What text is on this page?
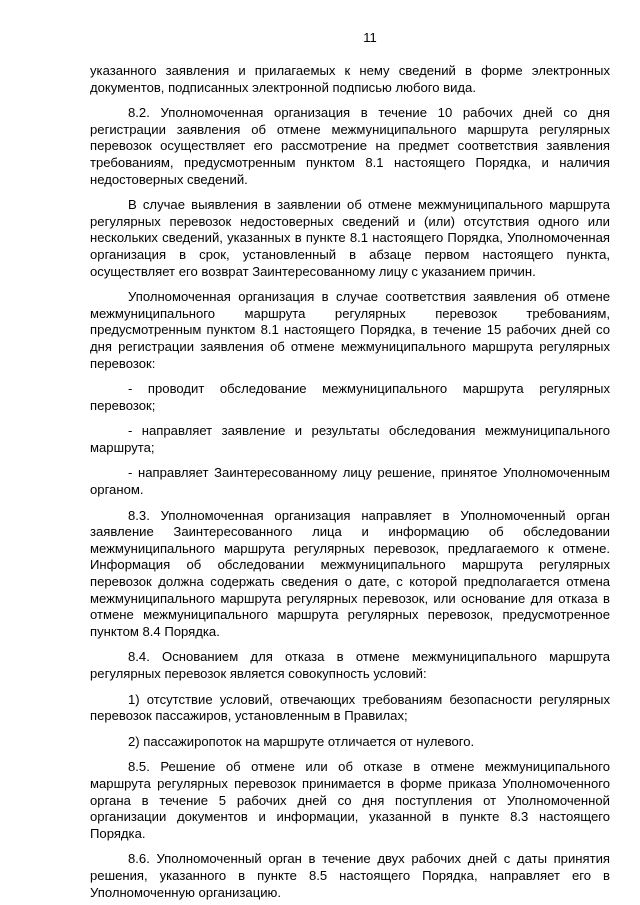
11

указанного заявления и прилагаемых к нему сведений в форме электронных документов, подписанных электронной подписью любого вида.

8.2. Уполномоченная организация в течение 10 рабочих дней со дня регистрации заявления об отмене межмуниципального маршрута регулярных перевозок осуществляет его рассмотрение на предмет соответствия заявления требованиям, предусмотренным пунктом 8.1 настоящего Порядка, и наличия недостоверных сведений.

В случае выявления в заявлении об отмене межмуниципального маршрута регулярных перевозок недостоверных сведений и (или) отсутствия одного или нескольких сведений, указанных в пункте 8.1 настоящего Порядка, Уполномоченная организация в срок, установленный в абзаце первом настоящего пункта, осуществляет его возврат Заинтересованному лицу с указанием причин.

Уполномоченная организация в случае соответствия заявления об отмене межмуниципального маршрута регулярных перевозок требованиям, предусмотренным пунктом 8.1 настоящего Порядка, в течение 15 рабочих дней со дня регистрации заявления об отмене межмуниципального маршрута регулярных перевозок:

- проводит обследование межмуниципального маршрута регулярных перевозок;

- направляет заявление и результаты обследования межмуниципального маршрута;

- направляет Заинтересованному лицу решение, принятое Уполномоченным органом.

8.3. Уполномоченная организация направляет в Уполномоченный орган заявление Заинтересованного лица и информацию об обследовании межмуниципального маршрута регулярных перевозок, предлагаемого к отмене. Информация об обследовании межмуниципального маршрута регулярных перевозок должна содержать сведения о дате, с которой предполагается отмена межмуниципального маршрута регулярных перевозок, или основание для отказа в отмене межмуниципального маршрута регулярных перевозок, предусмотренное пунктом 8.4 Порядка.

8.4. Основанием для отказа в отмене межмуниципального маршрута регулярных перевозок является совокупность условий:

1) отсутствие условий, отвечающих требованиям безопасности регулярных перевозок пассажиров, установленным в Правилах;

2) пассажиропоток на маршруте отличается от нулевого.

8.5. Решение об отмене или об отказе в отмене межмуниципального маршрута регулярных перевозок принимается в форме приказа Уполномоченного органа в течение 5 рабочих дней со дня поступления от Уполномоченной организации документов и информации, указанной в пункте 8.3 настоящего Порядка.

8.6. Уполномоченный орган в течение двух рабочих дней с даты принятия решения, указанного в пункте 8.5 настоящего Порядка, направляет его в Уполномоченную организацию.
